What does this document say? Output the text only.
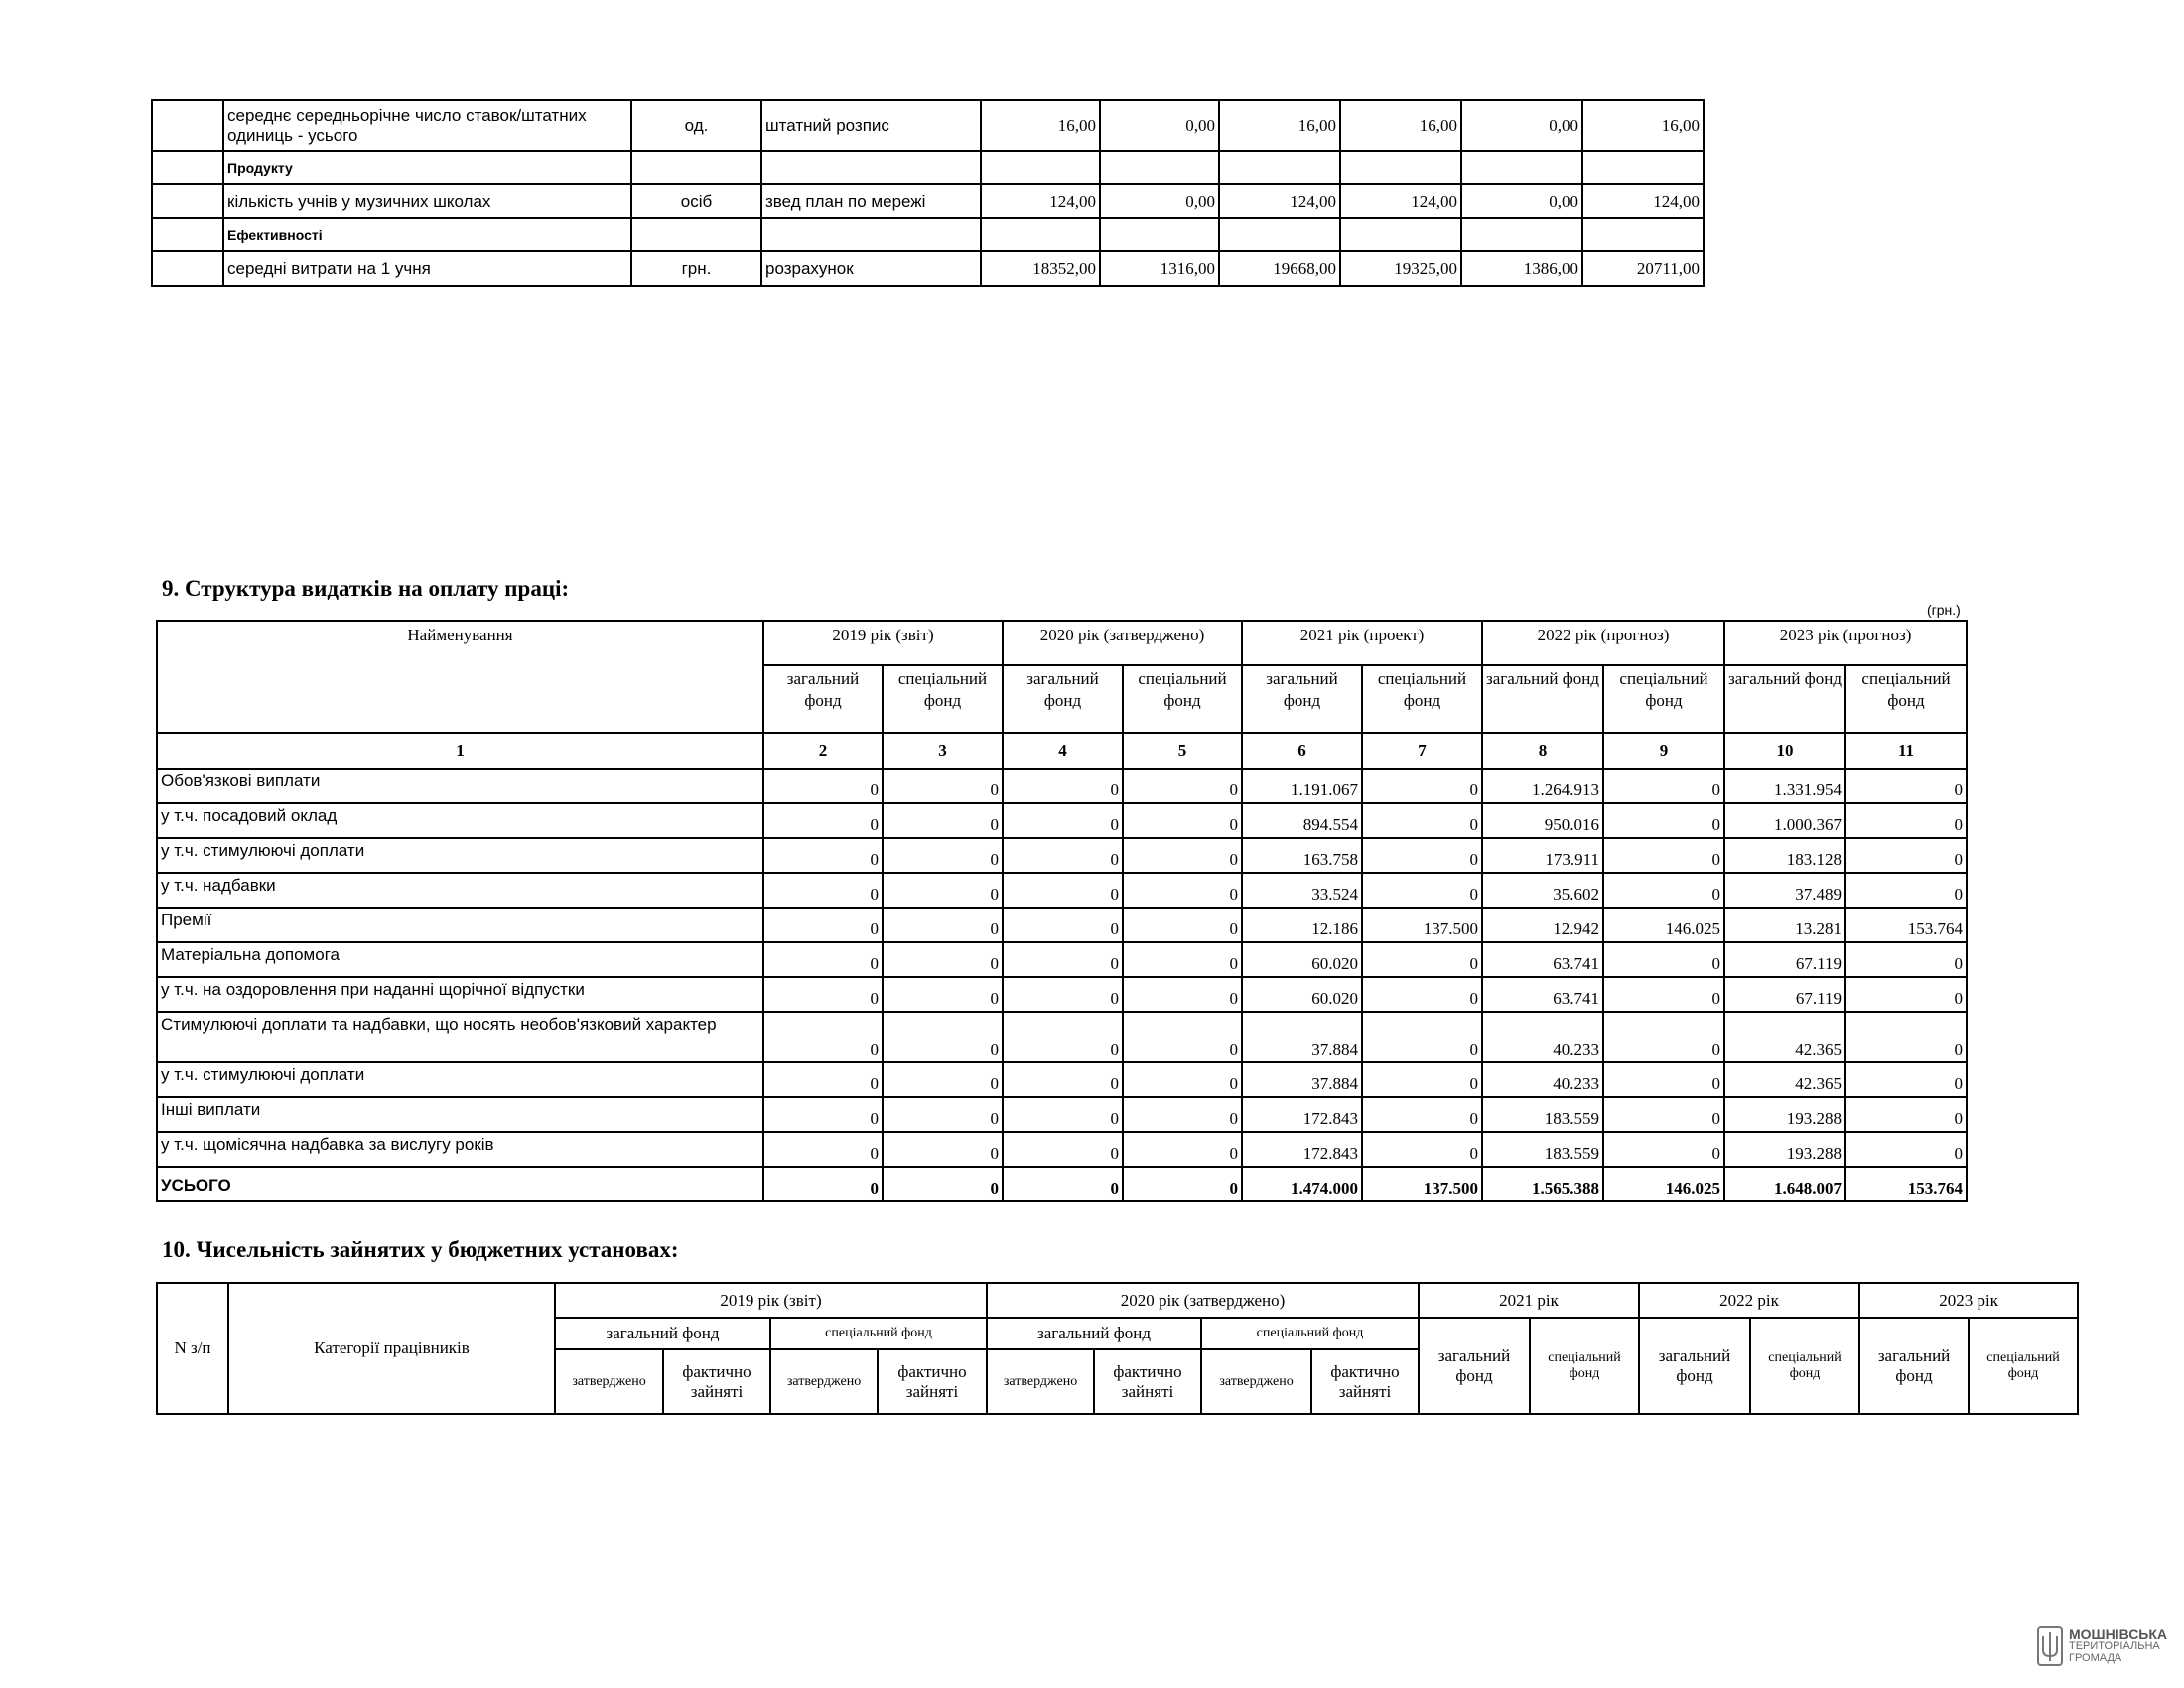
	середнє середньорічне число ставок/штатних одиниць - усього	од.	штатний розпис	16,00	0,00	16,00	16,00	0,00	16,00
	Продукту								
	кількість учнів у музичних школах	осіб	звед план по мережі	124,00	0,00	124,00	124,00	0,00	124,00
	Ефективності								
	середні витрати на 1 учня	грн.	розрахунок	18352,00	1316,00	19668,00	19325,00	1386,00	20711,00
9. Структура видатків на оплату праці:
(грн.)
Найменування	2019 рік (звіт)		2020 рік (затверджено)		2021 рік (проект)		2022 рік (прогноз)		2023 рік (прогноз)	
	загальний фонд	спеціальний фонд	загальний фонд	спеціальний фонд	загальний фонд	спеціальний фонд	загальний фонд	спеціальний фонд	загальний фонд	спеціальний фонд
1	2	3	4	5	6	7	8	9	10	11
Обов'язкові виплати	0	0	0	0	1.191.067	0	1.264.913	0	1.331.954	0
у т.ч. посадовий оклад	0	0	0	0	894.554	0	950.016	0	1.000.367	0
у т.ч. стимулюючі доплати	0	0	0	0	163.758	0	173.911	0	183.128	0
у т.ч. надбавки	0	0	0	0	33.524	0	35.602	0	37.489	0
Премії	0	0	0	0	12.186	137.500	12.942	146.025	13.281	153.764
Матеріальна допомога	0	0	0	0	60.020	0	63.741	0	67.119	0
у т.ч. на оздоровлення при наданні щорічної відпустки	0	0	0	0	60.020	0	63.741	0	67.119	0
Стимулюючі доплати та надбавки, що носять необов'язковий характер	0	0	0	0	37.884	0	40.233	0	42.365	0
у т.ч. стимулюючі доплати	0	0	0	0	37.884	0	40.233	0	42.365	0
Інші виплати	0	0	0	0	172.843	0	183.559	0	193.288	0
у т.ч. щомісячна надбавка за вислугу років	0	0	0	0	172.843	0	183.559	0	193.288	0
УСЬОГО	0	0	0	0	1.474.000	137.500	1.565.388	146.025	1.648.007	153.764
10. Чисельність зайнятих у бюджетних установах:
N з/п	Категорії працівників	2019 рік (звіт)				2020 рік (затверджено)				2021 рік		2022 рік		2023 рік	
		загальний фонд		спеціальний фонд		загальний фонд		спеціальний фонд		загальний фонд	спеціальний фонд	загальний фонд	спеціальний фонд	загальний фонд	спеціальний фонд
		затверджено	фактично зайняті	затверджено	фактично зайняті	затверджено	фактично зайняті	затверджено	фактично зайняті						
МОШНІВСЬКА
ТЕРИТОРІАЛЬНА
ГРОМАДА
